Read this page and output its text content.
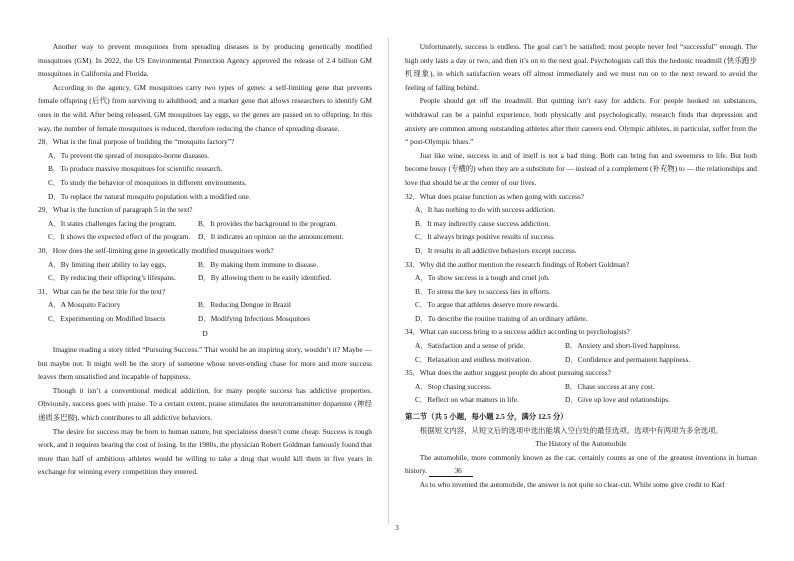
Another way to prevent mosquitoes from spreading diseases is by producing genetically modified mosquitoes (GM). In 2022, the US Environmental Protection Agency approved the release of 2.4 billion GM mosquitoes in California and Florida.

According to the agency, GM mosquitoes carry two types of genes: a self-limiting gene that prevents female offspring (后代) from surviving to adulthood; and a marker gene that allows researchers to identify GM ones in the wild. After being released, GM mosquitoes lay eggs, so the genes are passed on to offspring. In this way, the number of female mosquitoes is reduced, therefore reducing the chance of spreading disease.

28．What is the final purpose of building the “mosquito factory”?
A．To prevent the spread of mosquito-borne diseases.
B．To produce massive mosquitoes for scientific research.
C．To study the behavior of mosquitoes in different environments.
D．To replace the natural mosquito population with a modified one.
29．What is the function of paragraph 5 in the text?
A．It states challenges facing the program.	B．It provides the background to the program.
C．It shows the expected effect of the program.	D．It indicates an opinion on the announcement.
30．How does the self-limiting gene in genetically modified mosquitoes work?
A．By limiting their ability to lay eggs.	B．By making them immune to disease.
C．By reducing their offspring’s lifespans.	D．By allowing them to be easily identified.
31．What can be the best title for the text?
A．A Mosquito Factory	B．Reducing Dengue in Brazil
C．Experimenting on Modified Insects	D．Modifying Infectious Mosquitoes
D

Imagine reading a story titled “Pursuing Success.” That would be an inspiring story, wouldn’t it? Maybe — but maybe not. It might well be the story of someone whose never-ending chase for more and more success leaves them unsatisfied and incapable of happiness.

Though it isn’t a conventional medical addiction, for many people success has addictive properties. Obviously, success goes with praise. To a certain extent, praise stimulates the neurotransmitter dopamine (神经递质多巴胺), which contributes to all addictive behaviors.

The desire for success may be born to human nature, but specialness doesn’t come cheap. Success is tough work, and it requires bearing the cost of losing. In the 1980s, the physician Robert Goldman famously found that more than half of ambitious athletes would be willing to take a drug that would kill them in five years in exchange for winning every competition they entered.

Unfortunately, success is endless. The goal can’t be satisfied; most people never feel “successful” enough. The high only lasts a day or two, and then it’s on to the next goal. Psychologists call this the hedonic treadmill (快乐跑步机现象), in which satisfaction wears off almost immediately and we must run on to the next reward to avoid the feeling of falling behind.

People should get off the treadmill. But quitting isn’t easy for addicts. For people hooked on substances, withdrawal can be a painful experience, both physically and psychologically, research finds that depression and anxiety are common among outstanding athletes after their careers end. Olympic athletes, in particular, suffer from the “ post-Olympic blues.”

Just like wine, success in and of itself is not a bad thing. Both can bring fun and sweetness to life. But both become bossy (专横的) when they are a substitute for — instead of a complement (补充物) to — the relationships and love that should be at the center of our lives.

32．What does praise function as when going with success?
A．It has nothing to do with success addiction.
B．It may indirectly cause success addiction.
C．It always brings positive results of success.
D．It results in all addictive behaviors except success.
33．Why did the author mention the research findings of Robert Goldman?
A．To show success is a tough and cruel job.
B．To stress the key to success lies in efforts.
C．To argue that athletes deserve more rewards.
D．To describe the routine training of an ordinary athlete.
34．What can success bring to a success addict according to psychologists?
A．Satisfaction and a sense of pride.	B．Anxiety and short-lived happiness.
C．Relaxation and endless motivation.	D．Confidence and permanent happiness.
35．What does the author suggest people do about pursuing success?
A．Stop chasing success.	B．Chase success at any cost.
C．Reflect on what matters in life.	D．Give up love and relationships.
第二节（共 5 小题，每小题 2.5 分，满分 12.5 分）

根据短文内容，从短文后的选项中选出能填入空白处的最佳选项。选项中有两项为多余选项。

The History of the Automobile

The automobile, more commonly known as the car, certainly counts as one of the greatest inventions in human history.	36

As to who invented the automobile, the answer is not quite so clear-cut. While some give credit to Karl

3
